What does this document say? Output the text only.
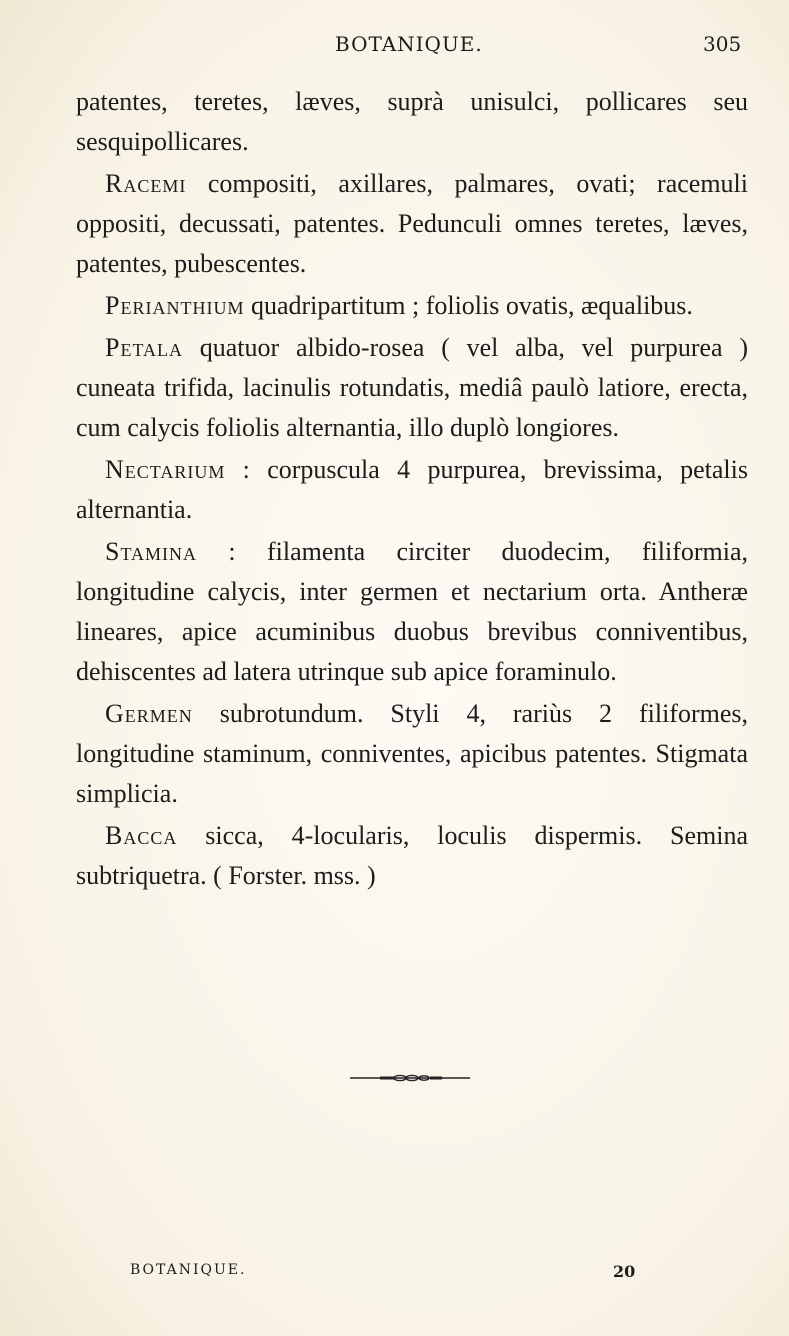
BOTANIQUE.	305

patentes, teretes, læves, suprà unisulci, pollicares seu sesquipollicares.

Racemi compositi, axillares, palmares, ovati; racemuli oppositi, decussati, patentes. Pedunculi omnes teretes, læves, patentes, pubescentes.

Perianthium quadripartitum ; foliolis ovatis, æqualibus.

Petala quatuor albido-rosea ( vel alba, vel purpurea ) cuneata trifida, lacinulis rotundatis, mediâ paulò latiore, erecta, cum calycis foliolis alternantia, illo duplò longiores.

Nectarium : corpuscula 4 purpurea, brevissima, petalis alternantia.

Stamina : filamenta circiter duodecim, filiformia, longitudine calycis, inter germen et nectarium orta. Antheræ lineares, apice acuminibus duobus brevibus conniventibus, dehiscentes ad latera utrinque sub apice foraminulo.

Germen subrotundum. Styli 4, rariùs 2 filiformes, longitudine staminum, conniventes, apicibus patentes. Stigmata simplicia.

Bacca sicca, 4-locularis, loculis dispermis. Semina subtriquetra. ( Forster. mss. )

BOTANIQUE.	20
